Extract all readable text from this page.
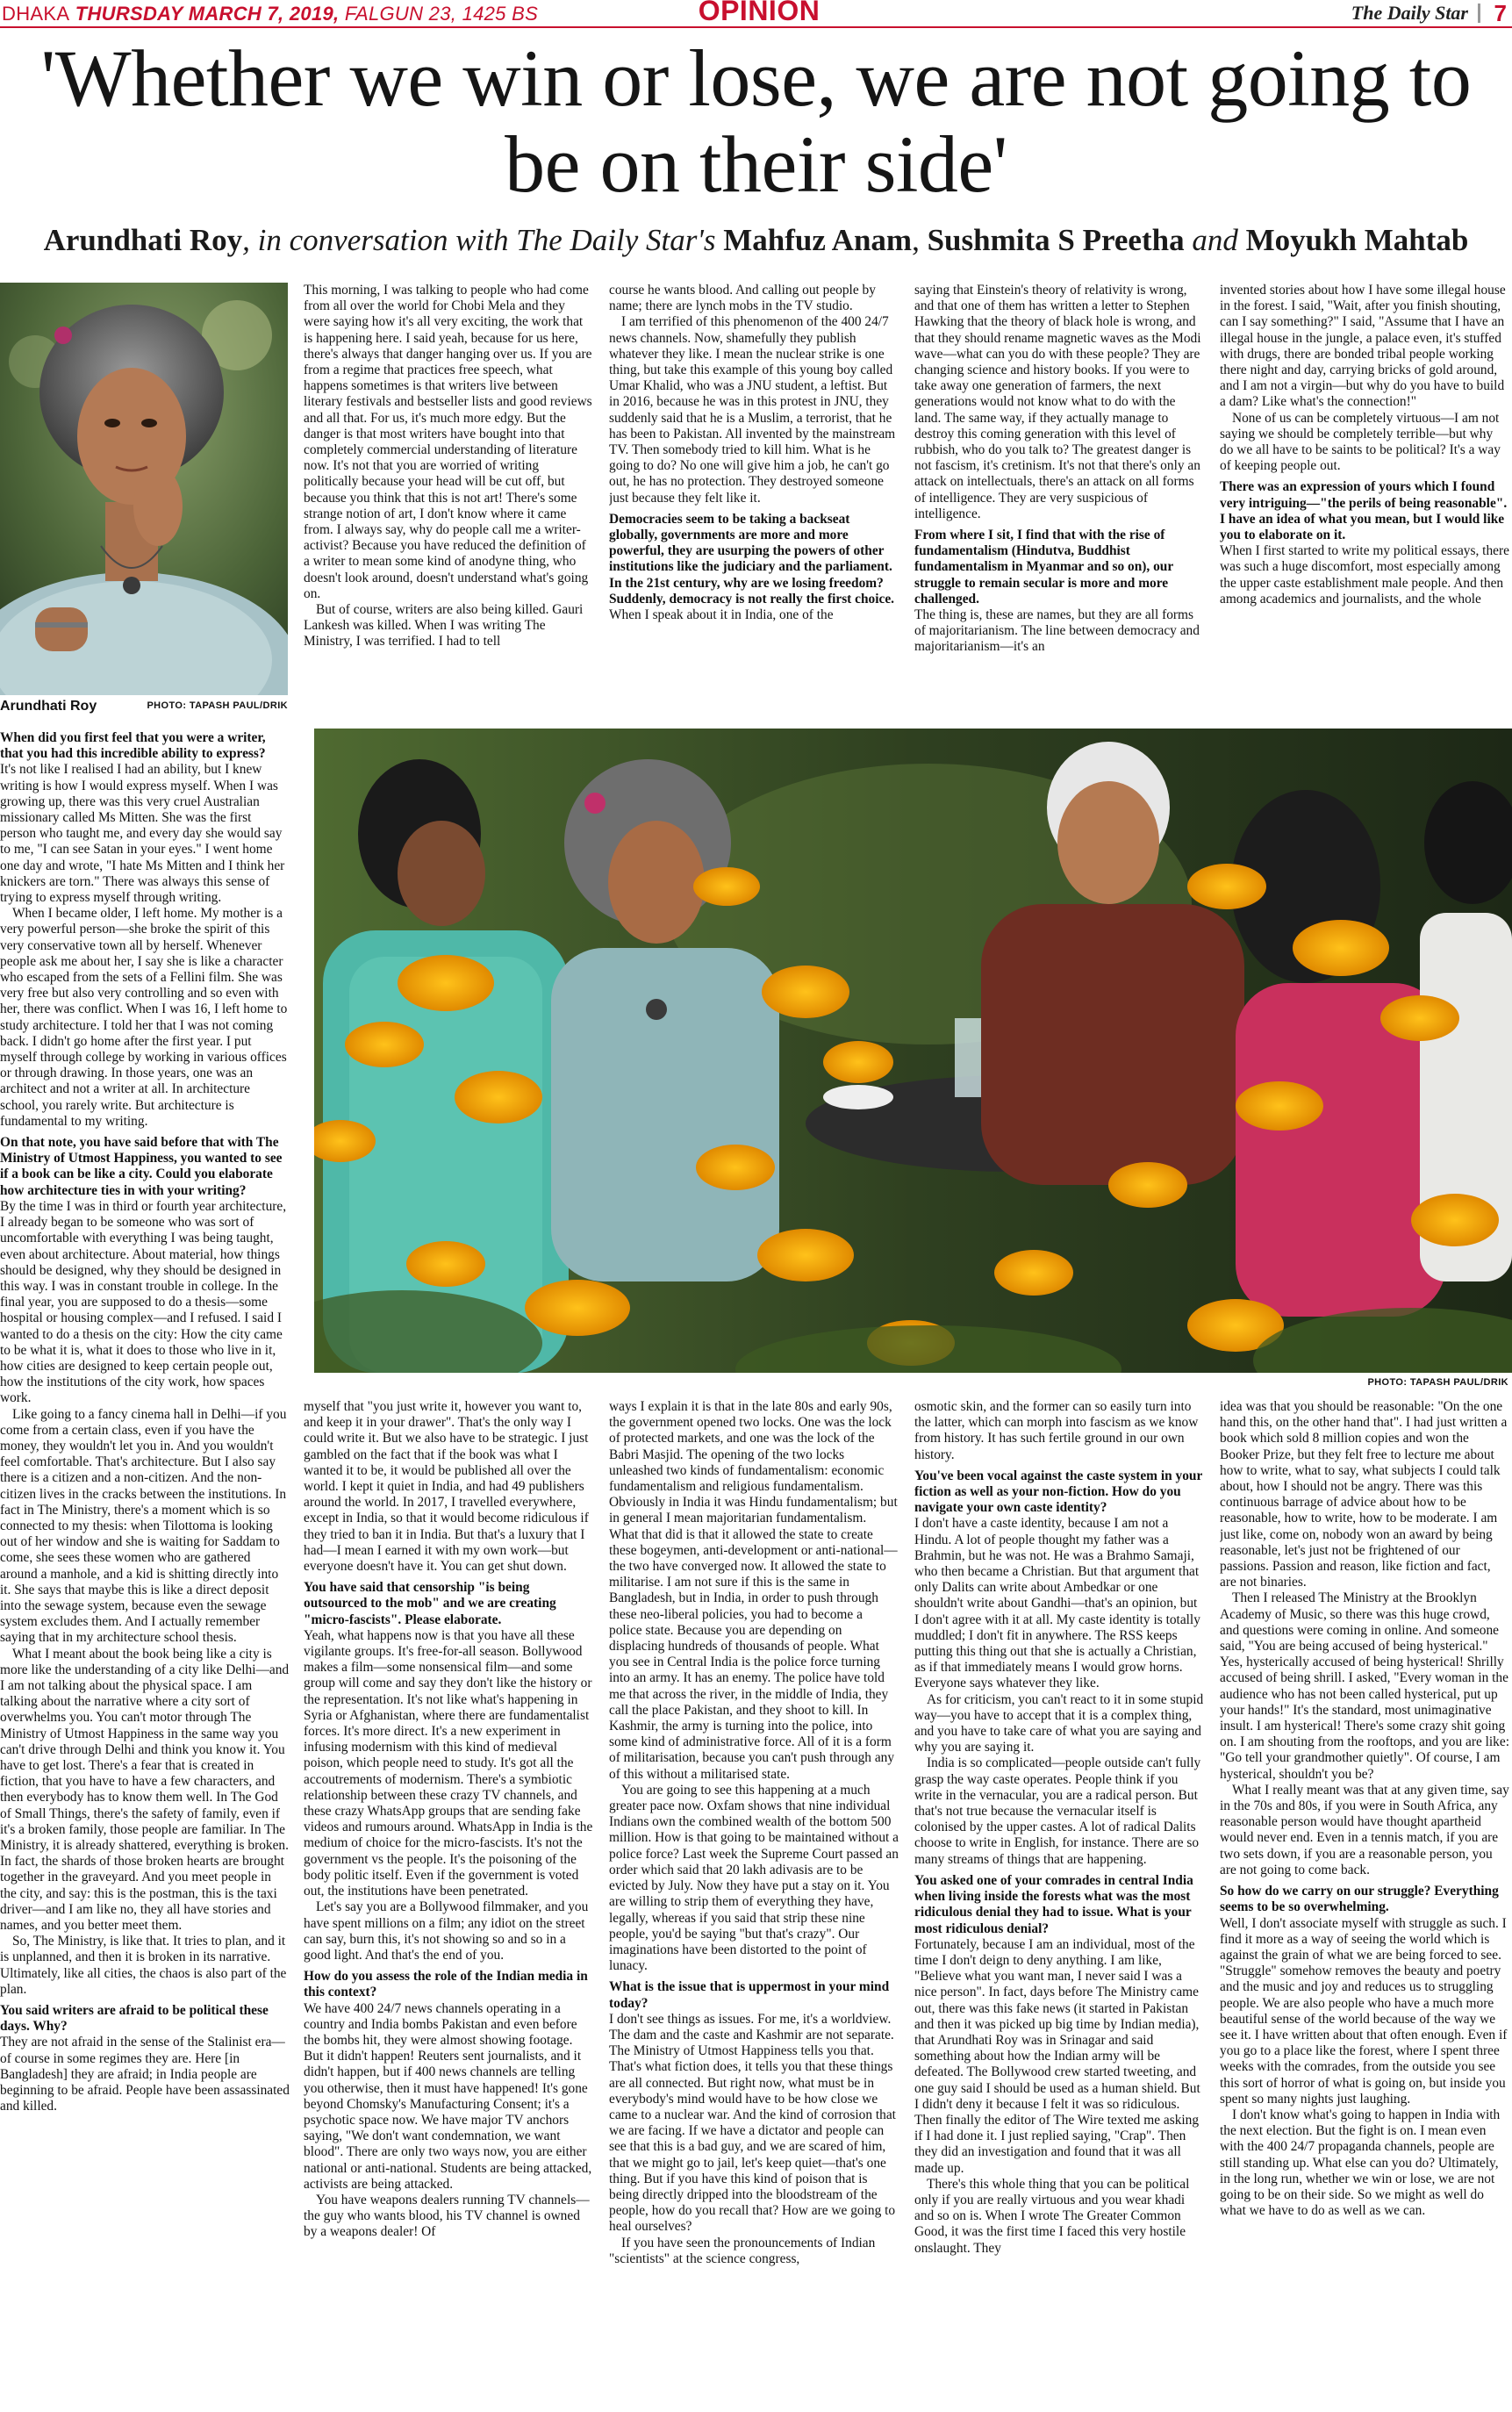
DHAKA THURSDAY MARCH 7, 2019, FALGUN 23, 1425 BS	OPINION	The Daily Star 7
'Whether we win or lose, we are not going to be on their side'
Arundhati Roy, in conversation with The Daily Star's Mahfuz Anam, Sushmita S Preetha and Moyukh Mahtab
Arundhati Roy	PHOTO: TAPASH PAUL/DRIK
PHOTO: TAPASH PAUL/DRIK

This morning, I was talking to people who had come from all over the world for Chobi Mela and they were saying how it's all very exciting, the work that is happening here. I said yeah, because for us here, there's always that danger hanging over us. If you are from a regime that practices free speech, what happens sometimes is that writers live between literary festivals and bestseller lists and good reviews and all that. For us, it's much more edgy. But the danger is that most writers have bought into that completely commercial understanding of literature now. It's not that you are worried of writing politically because your head will be cut off, but because you think that this is not art! There's some strange notion of art, I don't know where it came from. I always say, why do people call me a writer-activist? Because you have reduced the definition of a writer to mean some kind of anodyne thing, who doesn't look around, doesn't understand what's going on.

But of course, writers are also being killed. Gauri Lankesh was killed. When I was writing The Ministry, I was terrified. I had to tell

course he wants blood. And calling out people by name; there are lynch mobs in the TV studio.

I am terrified of this phenomenon of the 400 24/7 news channels. Now, shamefully they publish whatever they like. I mean the nuclear strike is one thing, but take this example of this young boy called Umar Khalid, who was a JNU student, a leftist. But in 2016, because he was in this protest in JNU, they suddenly said that he is a Muslim, a terrorist, that he has been to Pakistan. All invented by the mainstream TV. Then somebody tried to kill him. What is he going to do? No one will give him a job, he can't go out, he has no protection. They destroyed someone just because they felt like it.

Democracies seem to be taking a backseat globally, governments are more and more powerful, they are usurping the powers of other institutions like the judiciary and the parliament. In the 21st century, why are we losing freedom? Suddenly, democracy is not really the first choice.

When I speak about it in India, one of the

saying that Einstein's theory of relativity is wrong, and that one of them has written a letter to Stephen Hawking that the theory of black hole is wrong, and that they should rename magnetic waves as the Modi wave—what can you do with these people? They are changing science and history books. If you were to take away one generation of farmers, the next generations would not know what to do with the land. The same way, if they actually manage to destroy this coming generation with this level of rubbish, who do you talk to? The greatest danger is not fascism, it's cretinism. It's not that there's only an attack on intellectuals, there's an attack on all forms of intelligence. They are very suspicious of intelligence.

From where I sit, I find that with the rise of fundamentalism (Hindutva, Buddhist fundamentalism in Myanmar and so on), our struggle to remain secular is more and more challenged.

The thing is, these are names, but they are all forms of majoritarianism. The line between democracy and majoritarianism—it's an

invented stories about how I have some illegal house in the forest. I said, "Wait, after you finish shouting, can I say something?" I said, "Assume that I have an illegal house in the jungle, a palace even, it's stuffed with drugs, there are bonded tribal people working there night and day, carrying bricks of gold around, and I am not a virgin—but why do you have to build a dam? Like what's the connection!"

None of us can be completely virtuous—I am not saying we should be completely terrible—but why do we all have to be saints to be political? It's a way of keeping people out.

There was an expression of yours which I found very intriguing—"the perils of being reasonable". I have an idea of what you mean, but I would like you to elaborate on it.

When I first started to write my political essays, there was such a huge discomfort, most especially among the upper caste establishment male people. And then among academics and journalists, and the whole

When did you first feel that you were a writer, that you had this incredible ability to express?

It's not like I realised I had an ability, but I knew writing is how I would express myself. When I was growing up, there was this very cruel Australian missionary called Ms Mitten. She was the first person who taught me, and every day she would say to me, "I can see Satan in your eyes." I went home one day and wrote, "I hate Ms Mitten and I think her knickers are torn." There was always this sense of trying to express myself through writing.

When I became older, I left home. My mother is a very powerful person—she broke the spirit of this very conservative town all by herself. Whenever people ask me about her, I say she is like a character who escaped from the sets of a Fellini film. She was very free but also very controlling and so even with her, there was conflict. When I was 16, I left home to study architecture. I told her that I was not coming back. I didn't go home after the first year. I put myself through college by working in various offices or through drawing. In those years, one was an architect and not a writer at all. In architecture school, you rarely write. But architecture is fundamental to my writing.

On that note, you have said before that with The Ministry of Utmost Happiness, you wanted to see if a book can be like a city. Could you elaborate how architecture ties in with your writing?

By the time I was in third or fourth year architecture, I already began to be someone who was sort of uncomfortable with everything I was being taught, even about architecture. About material, how things should be designed, why they should be designed in this way. I was in constant trouble in college. In the final year, you are supposed to do a thesis—some hospital or housing complex—and I refused. I said I wanted to do a thesis on the city: How the city came to be what it is, what it does to those who live in it, how cities are designed to keep certain people out, how the institutions of the city work, how spaces work.

Like going to a fancy cinema hall in Delhi—if you come from a certain class, even if you have the money, they wouldn't let you in. And you wouldn't feel comfortable. That's architecture. But I also say there is a citizen and a non-citizen. And the non-citizen lives in the cracks between the institutions. In fact in The Ministry, there's a moment which is so connected to my thesis: when Tilottoma is looking out of her window and she is waiting for Saddam to come, she sees these women who are gathered around a manhole, and a kid is shitting directly into it. She says that maybe this is like a direct deposit into the sewage system, because even the sewage system excludes them. And I actually remember saying that in my architecture school thesis.

What I meant about the book being like a city is more like the understanding of a city like Delhi—and I am not talking about the physical space. I am talking about the narrative where a city sort of overwhelms you. You can't motor through The Ministry of Utmost Happiness in the same way you can't drive through Delhi and think you know it. You have to get lost. There's a fear that is created in fiction, that you have to have a few characters, and then everybody has to know them well. In The God of Small Things, there's the safety of family, even if it's a broken family, those people are familiar. In The Ministry, it is already shattered, everything is broken. In fact, the shards of those broken hearts are brought together in the graveyard. And you meet people in the city, and say: this is the postman, this is the taxi driver—and I am like no, they all have stories and names, and you better meet them.

So, The Ministry, is like that. It tries to plan, and it is unplanned, and then it is broken in its narrative. Ultimately, like all cities, the chaos is also part of the plan.

You said writers are afraid to be political these days. Why?

They are not afraid in the sense of the Stalinist era—of course in some regimes they are. Here [in Bangladesh] they are afraid; in India people are beginning to be afraid. People have been assassinated and killed.

myself that "you just write it, however you want to, and keep it in your drawer". That's the only way I could write it. But we also have to be strategic. I just gambled on the fact that if the book was what I wanted it to be, it would be published all over the world. I kept it quiet in India, and had 49 publishers around the world. In 2017, I travelled everywhere, except in India, so that it would become ridiculous if they tried to ban it in India. But that's a luxury that I had—I mean I earned it with my own work—but everyone doesn't have it. You can get shut down.

You have said that censorship "is being outsourced to the mob" and we are creating "micro-fascists". Please elaborate.

Yeah, what happens now is that you have all these vigilante groups. It's free-for-all season. Bollywood makes a film—some nonsensical film—and some group will come and say they don't like the history or the representation. It's not like what's happening in Syria or Afghanistan, where there are fundamentalist forces. It's more direct. It's a new experiment in infusing modernism with this kind of medieval poison, which people need to study. It's got all the accoutrements of modernism. There's a symbiotic relationship between these crazy TV channels, and these crazy WhatsApp groups that are sending fake videos and rumours around. WhatsApp in India is the medium of choice for the micro-fascists. It's not the government vs the people. It's the poisoning of the body politic itself. Even if the government is voted out, the institutions have been penetrated.

Let's say you are a Bollywood filmmaker, and you have spent millions on a film; any idiot on the street can say, burn this, it's not showing so and so in a good light. And that's the end of you.

How do you assess the role of the Indian media in this context?

We have 400 24/7 news channels operating in a country and India bombs Pakistan and even before the bombs hit, they were almost showing footage. But it didn't happen! Reuters sent journalists, and it didn't happen, but if 400 news channels are telling you otherwise, then it must have happened! It's gone beyond Chomsky's Manufacturing Consent; it's a psychotic space now. We have major TV anchors saying, "We don't want condemnation, we want blood". There are only two ways now, you are either national or anti-national. Students are being attacked, activists are being attacked.

You have weapons dealers running TV channels—the guy who wants blood, his TV channel is owned by a weapons dealer! Of

ways I explain it is that in the late 80s and early 90s, the government opened two locks. One was the lock of protected markets, and one was the lock of the Babri Masjid. The opening of the two locks unleashed two kinds of fundamentalism: economic fundamentalism and religious fundamentalism. Obviously in India it was Hindu fundamentalism; but in general I mean majoritarian fundamentalism. What that did is that it allowed the state to create these bogeymen, anti-development or anti-national—the two have converged now. It allowed the state to militarise. I am not sure if this is the same in Bangladesh, but in India, in order to push through these neo-liberal policies, you had to become a police state. Because you are depending on displacing hundreds of thousands of people. What you see in Central India is the police force turning into an army. It has an enemy. The police have told me that across the river, in the middle of India, they call the place Pakistan, and they shoot to kill. In Kashmir, the army is turning into the police, into some kind of administrative force. All of it is a form of militarisation, because you can't push through any of this without a militarised state.

You are going to see this happening at a much greater pace now. Oxfam shows that nine individual Indians own the combined wealth of the bottom 500 million. How is that going to be maintained without a police force? Last week the Supreme Court passed an order which said that 20 lakh adivasis are to be evicted by July. Now they have put a stay on it. You are willing to strip them of everything they have, legally, whereas if you said that strip these nine people, you'd be saying "but that's crazy". Our imaginations have been distorted to the point of lunacy.

What is the issue that is uppermost in your mind today?

I don't see things as issues. For me, it's a worldview. The dam and the caste and Kashmir are not separate. The Ministry of Utmost Happiness tells you that. That's what fiction does, it tells you that these things are all connected. But right now, what must be in everybody's mind would have to be how close we came to a nuclear war. And the kind of corrosion that we are facing. If we have a dictator and people can see that this is a bad guy, and we are scared of him, that we might go to jail, let's keep quiet—that's one thing. But if you have this kind of poison that is being directly dripped into the bloodstream of the people, how do you recall that? How are we going to heal ourselves?

If you have seen the pronouncements of Indian "scientists" at the science congress,

osmotic skin, and the former can so easily turn into the latter, which can morph into fascism as we know from history. It has such fertile ground in our own history.

You've been vocal against the caste system in your fiction as well as your non-fiction. How do you navigate your own caste identity?

I don't have a caste identity, because I am not a Hindu. A lot of people thought my father was a Brahmin, but he was not. He was a Brahmo Samaji, who then became a Christian. But that argument that only Dalits can write about Ambedkar or one shouldn't write about Gandhi—that's an opinion, but I don't agree with it at all. My caste identity is totally muddled; I don't fit in anywhere. The RSS keeps putting this thing out that she is actually a Christian, as if that immediately means I would grow horns. Everyone says whatever they like.

As for criticism, you can't react to it in some stupid way—you have to accept that it is a complex thing, and you have to take care of what you are saying and why you are saying it.

India is so complicated—people outside can't fully grasp the way caste operates. People think if you write in the vernacular, you are a radical person. But that's not true because the vernacular itself is colonised by the upper castes. A lot of radical Dalits choose to write in English, for instance. There are so many streams of things that are happening.

You asked one of your comrades in central India when living inside the forests what was the most ridiculous denial they had to issue. What is your most ridiculous denial?

Fortunately, because I am an individual, most of the time I don't deign to deny anything. I am like, "Believe what you want man, I never said I was a nice person". In fact, days before The Ministry came out, there was this fake news (it started in Pakistan and then it was picked up big time by Indian media), that Arundhati Roy was in Srinagar and said something about how the Indian army will be defeated. The Bollywood crew started tweeting, and one guy said I should be used as a human shield. But I didn't deny it because I felt it was so ridiculous. Then finally the editor of The Wire texted me asking if I had done it. I just replied saying, "Crap". Then they did an investigation and found that it was all made up.

There's this whole thing that you can be political only if you are really virtuous and you wear khadi and so on is. When I wrote The Greater Common Good, it was the first time I faced this very hostile onslaught. They

idea was that you should be reasonable: "On the one hand this, on the other hand that". I had just written a book which sold 8 million copies and won the Booker Prize, but they felt free to lecture me about how to write, what to say, what subjects I could talk about, how I should not be angry. There was this continuous barrage of advice about how to be reasonable, how to write, how to be moderate. I am just like, come on, nobody won an award by being reasonable, let's just not be frightened of our passions. Passion and reason, like fiction and fact, are not binaries.

Then I released The Ministry at the Brooklyn Academy of Music, so there was this huge crowd, and questions were coming in online. And someone said, "You are being accused of being hysterical." Yes, hysterically accused of being hysterical! Shrilly accused of being shrill. I asked, "Every woman in the audience who has not been called hysterical, put up your hands!" It's the standard, most unimaginative insult. I am hysterical! There's some crazy shit going on. I am shouting from the rooftops, and you are like: "Go tell your grandmother quietly". Of course, I am hysterical, shouldn't you be?

What I really meant was that at any given time, say in the 70s and 80s, if you were in South Africa, any reasonable person would have thought apartheid would never end. Even in a tennis match, if you are two sets down, if you are a reasonable person, you are not going to come back.

So how do we carry on our struggle? Everything seems to be so overwhelming.

Well, I don't associate myself with struggle as such. I find it more as a way of seeing the world which is against the grain of what we are being forced to see. "Struggle" somehow removes the beauty and poetry and the music and joy and reduces us to struggling people. We are also people who have a much more beautiful sense of the world because of the way we see it. I have written about that often enough. Even if you go to a place like the forest, where I spent three weeks with the comrades, from the outside you see this sort of horror of what is going on, but inside you spent so many nights just laughing.

I don't know what's going to happen in India with the next election. But the fight is on. I mean even with the 400 24/7 propaganda channels, people are still standing up. What else can you do? Ultimately, in the long run, whether we win or lose, we are not going to be on their side. So we might as well do what we have to do as well as we can.
